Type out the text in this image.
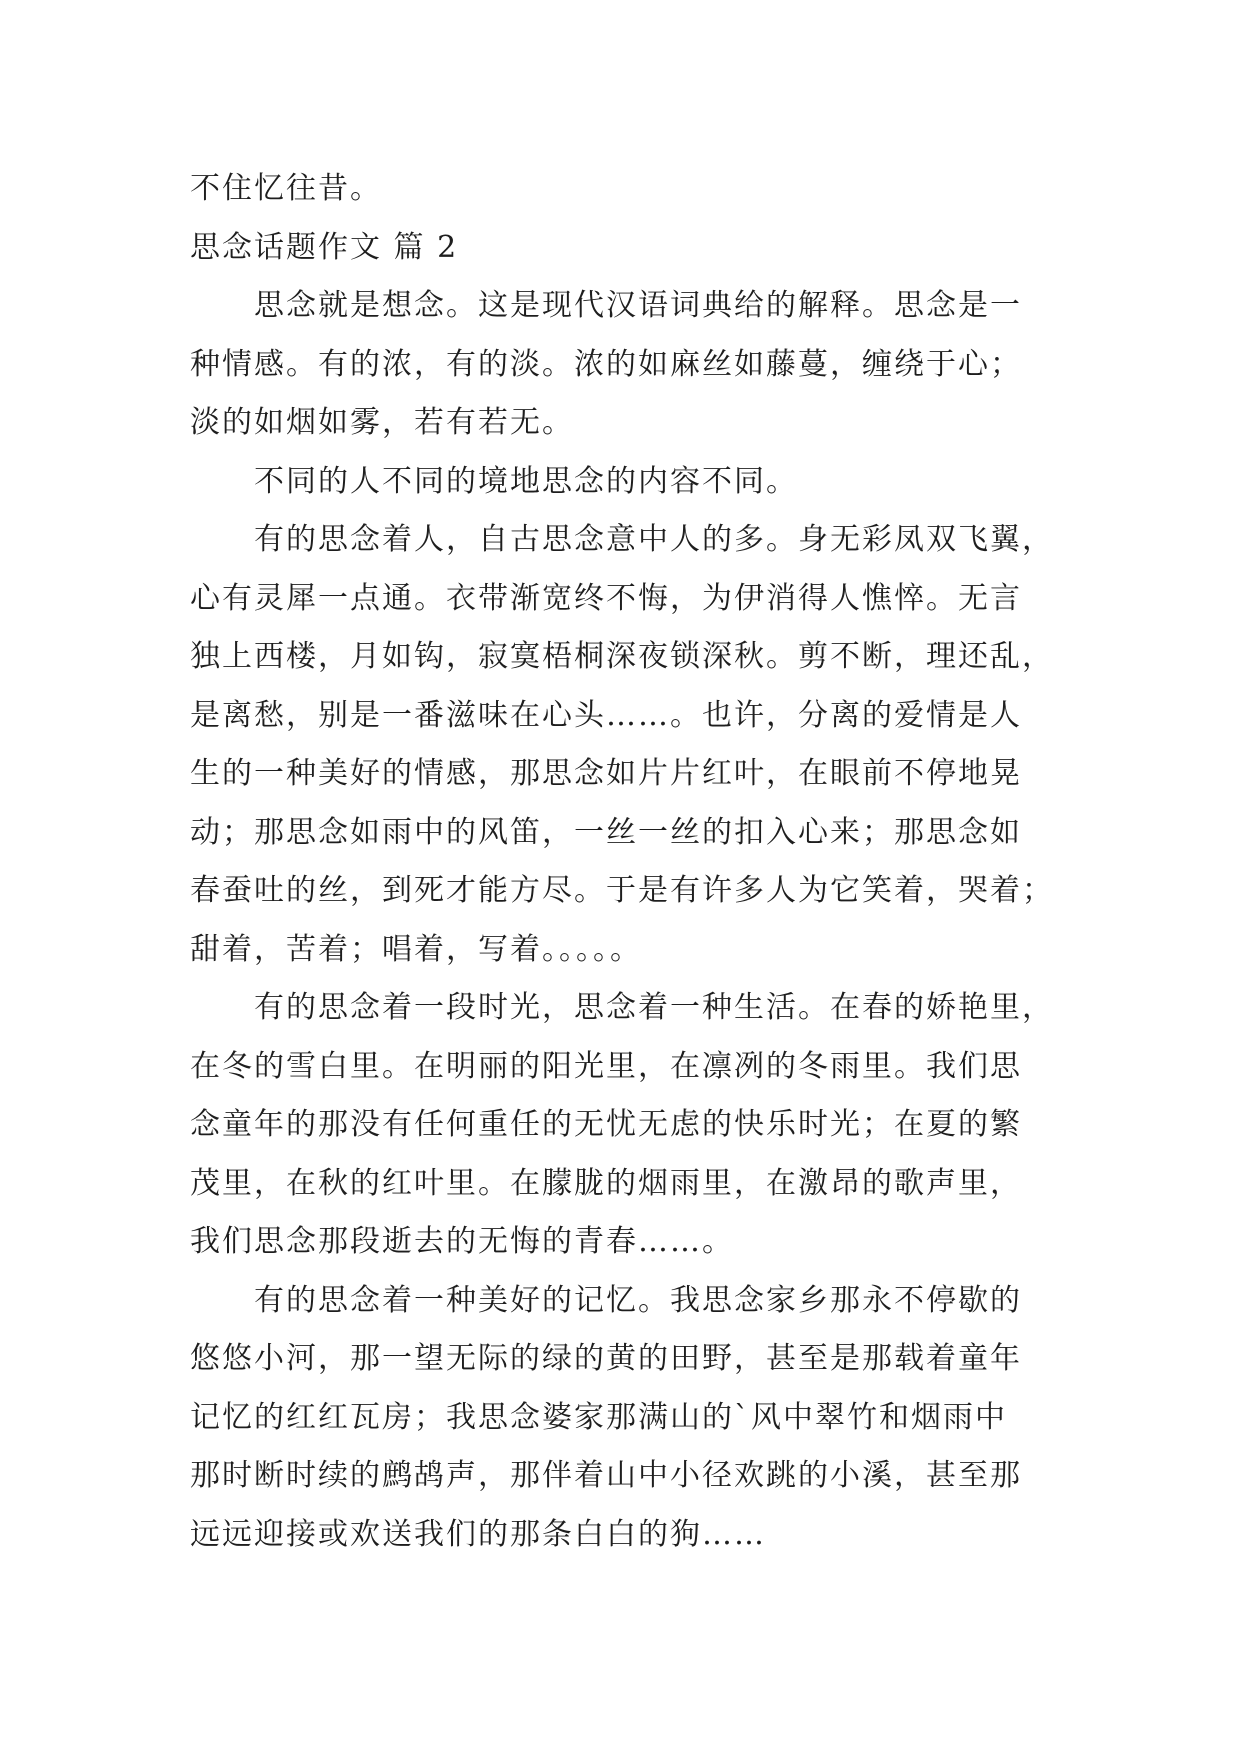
不住忆往昔。
思念话题作文 篇 2
思念就是想念。这是现代汉语词典给的解释。思念是一
种情感。有的浓，有的淡。浓的如麻丝如藤蔓，缠绕于心；
淡的如烟如雾，若有若无。
不同的人不同的境地思念的内容不同。
有的思念着人，自古思念意中人的多。身无彩凤双飞翼，
心有灵犀一点通。衣带渐宽终不悔，为伊消得人憔悴。无言
独上西楼，月如钩，寂寞梧桐深夜锁深秋。剪不断，理还乱，
是离愁，别是一番滋味在心头……。也许，分离的爱情是人
生的一种美好的情感，那思念如片片红叶，在眼前不停地晃
动；那思念如雨中的风笛，一丝一丝的扣入心来；那思念如
春蚕吐的丝，到死才能方尽。于是有许多人为它笑着，哭着；
甜着，苦着；唱着，写着。。。。。
有的思念着一段时光，思念着一种生活。在春的娇艳里，
在冬的雪白里。在明丽的阳光里，在凛冽的冬雨里。我们思
念童年的那没有任何重任的无忧无虑的快乐时光；在夏的繁
茂里，在秋的红叶里。在朦胧的烟雨里，在激昂的歌声里，
我们思念那段逝去的无悔的青春……。
有的思念着一种美好的记忆。我思念家乡那永不停歇的
悠悠小河，那一望无际的绿的黄的田野，甚至是那载着童年
记忆的红红瓦房；我思念婆家那满山的`风中翠竹和烟雨中
那时断时续的鹧鸪声，那伴着山中小径欢跳的小溪，甚至那
远远迎接或欢送我们的那条白白的狗……
